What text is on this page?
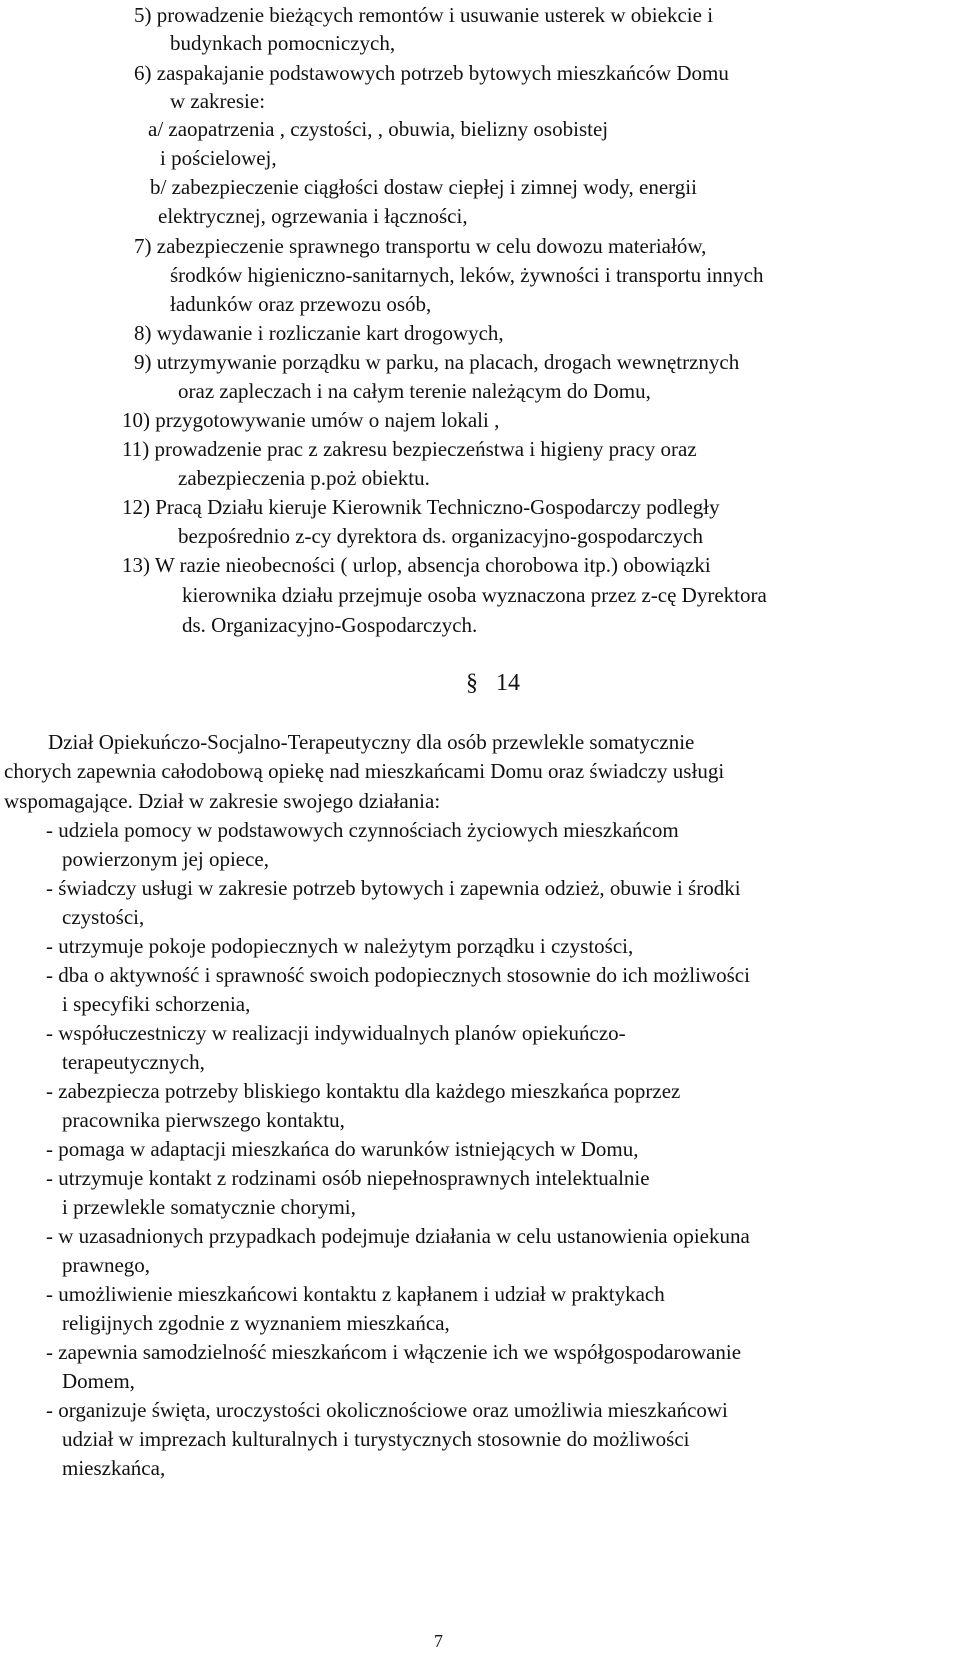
5) prowadzenie bieżących remontów i usuwanie usterek w obiekcie i
budynkach pomocniczych,
6) zaspakajanie podstawowych potrzeb bytowych mieszkańców Domu
w zakresie:
a/ zaopatrzenia , czystości, , obuwia, bielizny osobistej
i pościelowej,
b/ zabezpieczenie ciągłości dostaw ciepłej i zimnej wody, energii
elektrycznej, ogrzewania i łączności,
7) zabezpieczenie sprawnego transportu w celu dowozu materiałów,
środków higieniczno-sanitarnych, leków, żywności i transportu innych
ładunków oraz przewozu osób,
8) wydawanie i rozliczanie kart drogowych,
9) utrzymywanie porządku w parku, na placach, drogach wewnętrznych
oraz zapleczach i na całym terenie należącym do Domu,
10) przygotowywanie umów o najem lokali ,
11) prowadzenie prac z zakresu bezpieczeństwa i higieny pracy oraz
zabezpieczenia p.poż obiektu.
12) Pracą Działu kieruje Kierownik Techniczno-Gospodarczy podległy
bezpośrednio z-cy dyrektora ds. organizacyjno-gospodarczych
13) W razie nieobecności ( urlop, absencja chorobowa itp.) obowiązki
kierownika działu przejmuje osoba wyznaczona przez z-cę Dyrektora
ds. Organizacyjno-Gospodarczych.
§ 14
Dział Opiekuńczo-Socjalno-Terapeutyczny dla osób przewlekle somatycznie
chorych zapewnia całodobową opiekę nad mieszkańcami Domu oraz świadczy usługi
wspomagające. Dział w zakresie swojego działania:
- udziela pomocy w podstawowych czynnościach życiowych mieszkańcom
powierzonym jej opiece,
- świadczy usługi w zakresie potrzeb bytowych i zapewnia odzież, obuwie i środki
czystości,
- utrzymuje pokoje podopiecznych w należytym porządku i czystości,
- dba o aktywność i sprawność swoich podopiecznych stosownie do ich możliwości
i specyfiki schorzenia,
- współuczestniczy w realizacji indywidualnych planów opiekuńczo-
terapeutycznych,
- zabezpiecza potrzeby bliskiego kontaktu dla każdego mieszkańca poprzez
pracownika pierwszego kontaktu,
- pomaga w adaptacji mieszkańca do warunków istniejących w Domu,
- utrzymuje kontakt z rodzinami osób niepełnosprawnych intelektualnie
i przewlekle somatycznie chorymi,
- w uzasadnionych przypadkach podejmuje działania w celu ustanowienia opiekuna
prawnego,
- umożliwienie mieszkańcowi kontaktu z kapłanem i udział w praktykach
religijnych zgodnie z wyznaniem mieszkańca,
- zapewnia samodzielność mieszkańcom i włączenie ich we współgospodarowanie
Domem,
- organizuje święta, uroczystości okolicznościowe oraz umożliwia mieszkańcowi
udział w imprezach kulturalnych i turystycznych stosownie do możliwości
mieszkańca,
7
